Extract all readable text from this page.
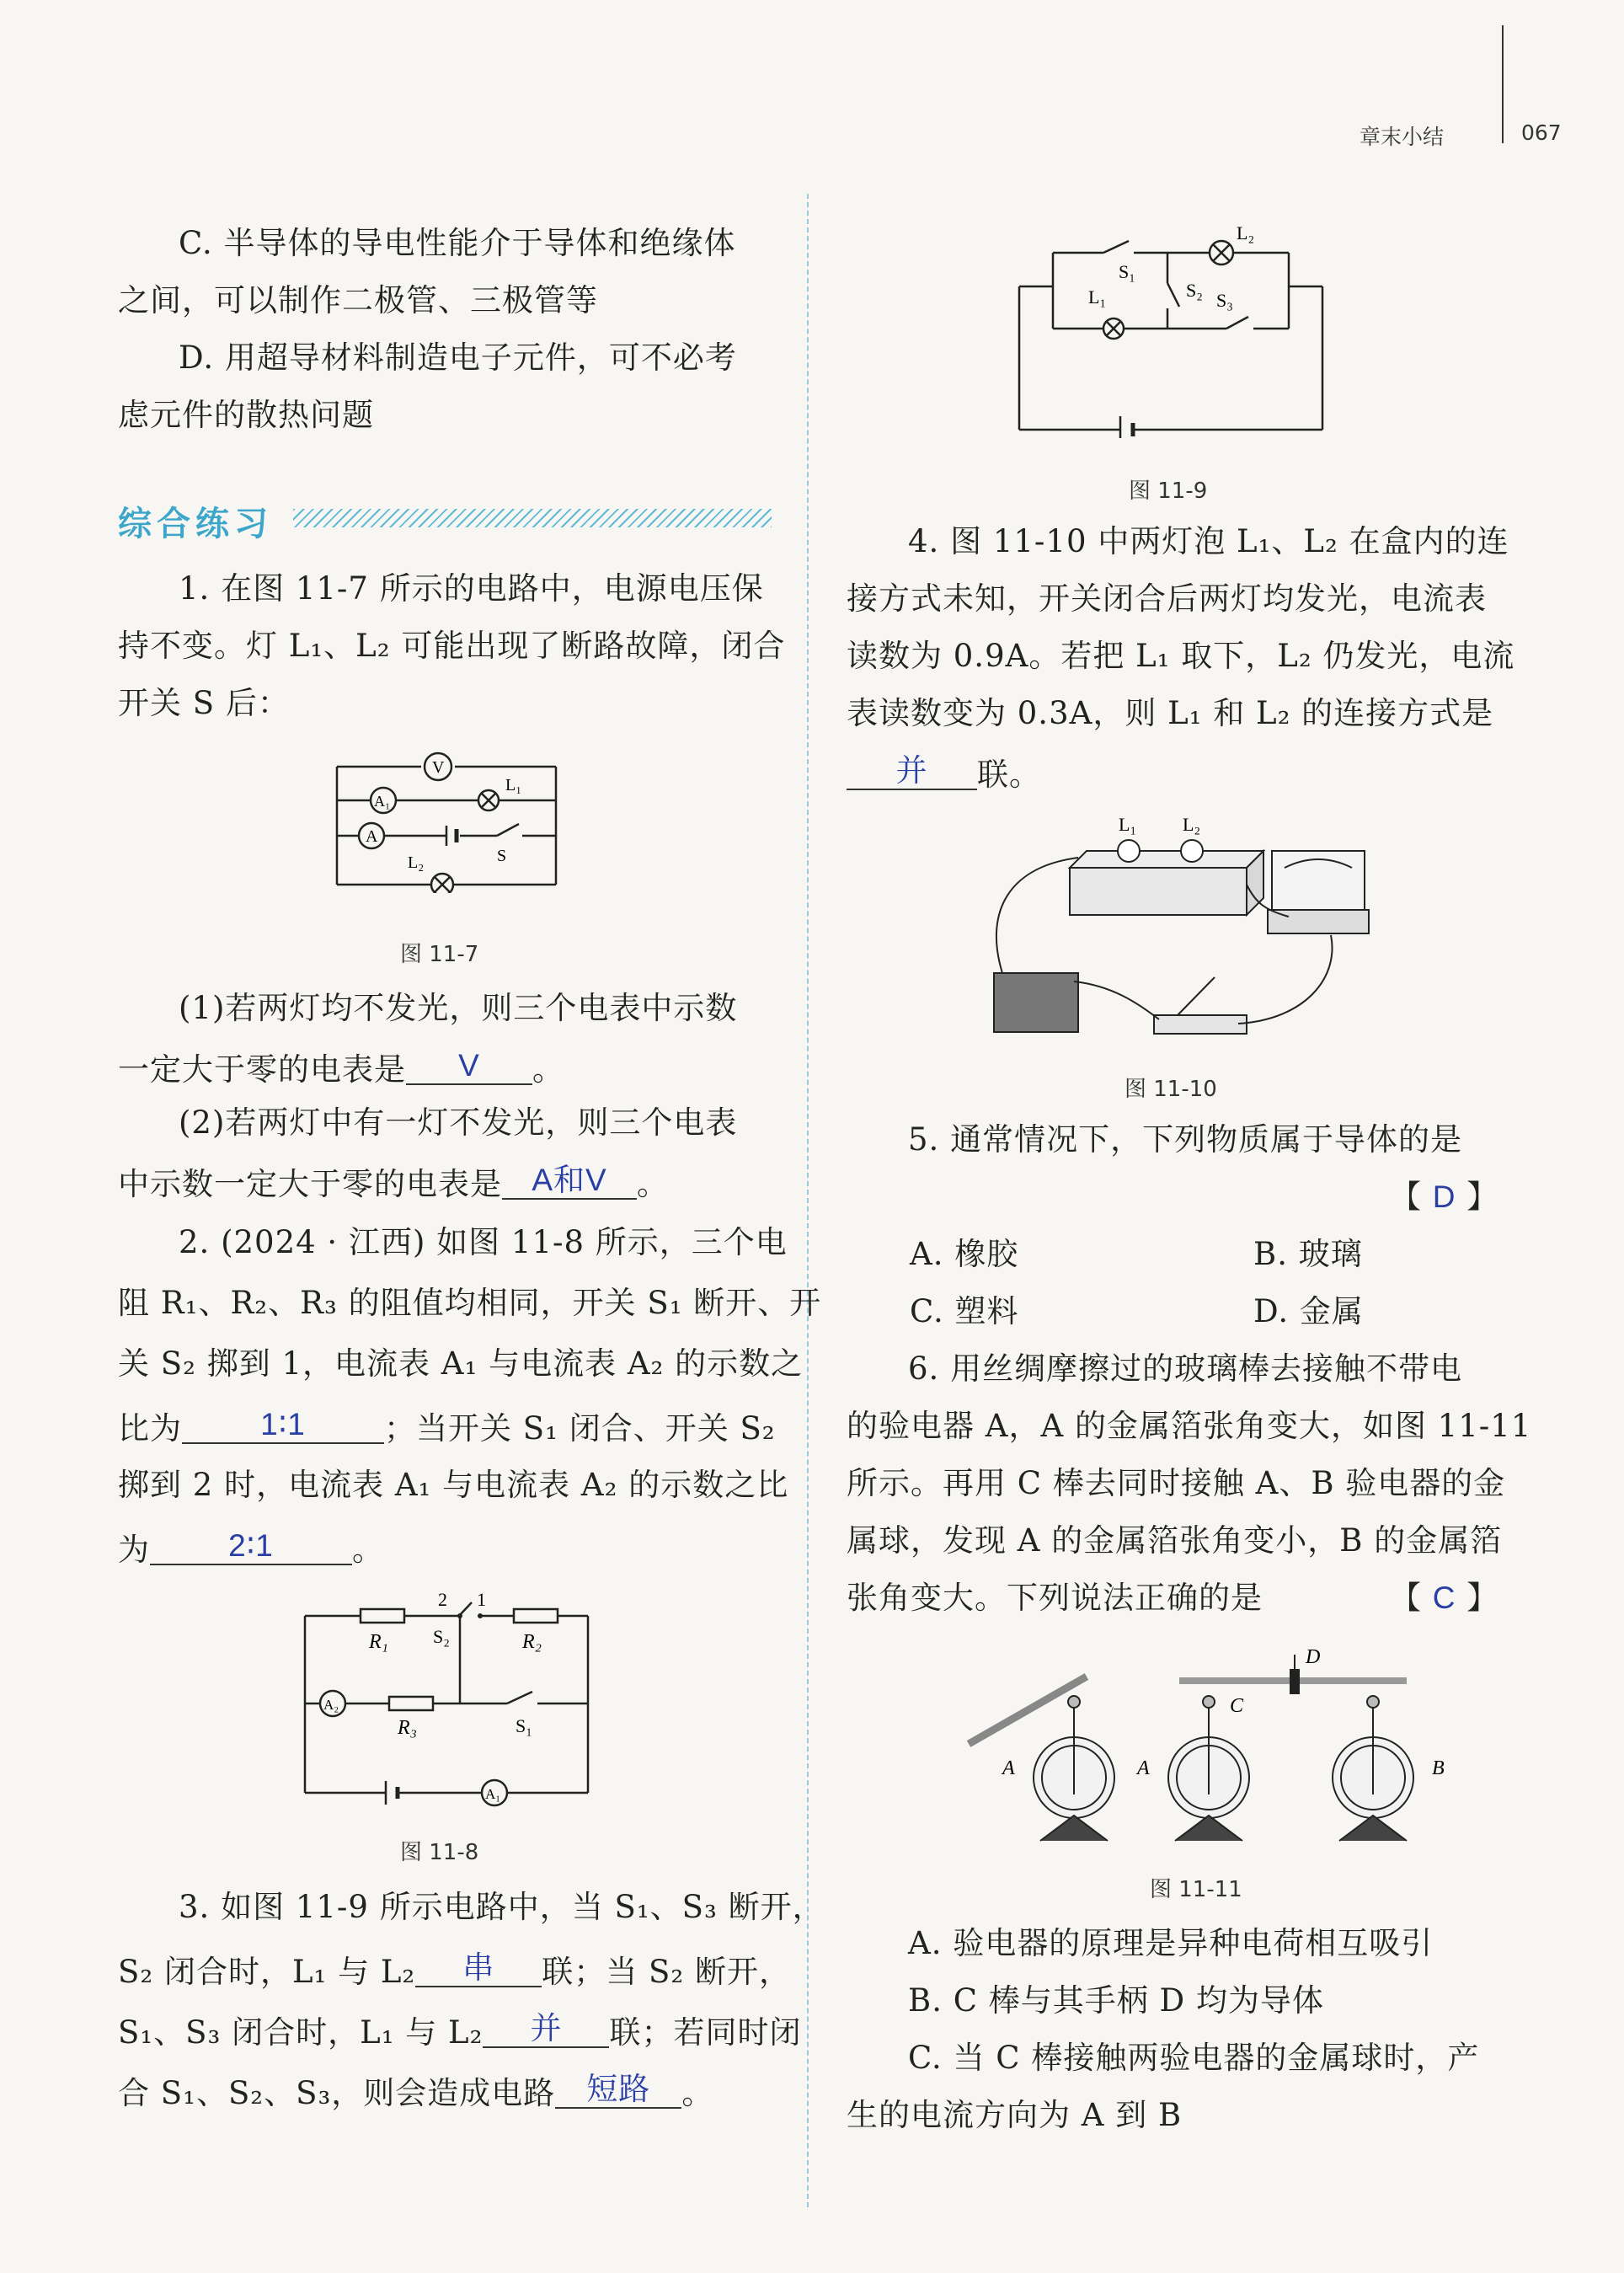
章末小结	067
C. 半导体的导电性能介于导体和绝缘体
之间，可以制作二极管、三极管等
D. 用超导材料制造电子元件，可不必考
虑元件的散热问题
综合练习
1. 在图 11-7 所示的电路中，电源电压保
持不变。灯 L₁、L₂ 可能出现了断路故障，闭合
开关 S 后：
V
A₁
A
L₁
L₂	S
图 11-7
(1)若两灯均不发光，则三个电表中示数
一定大于零的电表是 V 。
(2)若两灯中有一灯不发光，则三个电表
中示数一定大于零的电表是 A和V 。
2. (2024 · 江西) 如图 11-8 所示，三个电
阻 R₁、R₂、R₃ 的阻值均相同，开关 S₁ 断开、开
关 S₂ 掷到 1，电流表 A₁ 与电流表 A₂ 的示数之
比为	1∶1	；当开关 S₁ 闭合、开关 S₂
掷到 2 时，电流表 A₁ 与电流表 A₂ 的示数之比
为	2∶1	。
R₁	R₂
R₃
S₂
S₁
2 1
A₂
A₁
图 11-8
3. 如图 11-9 所示电路中，当 S₁、S₃ 断开，
S₂ 闭合时，L₁ 与 L₂ 串 联；当 S₂ 断开，
S₁、S₃ 闭合时，L₁ 与 L₂ 并 联；若同时闭
合 S₁、S₂、S₃，则会造成电路 短路 。
S₁
L₂
L₁	S₂ S₃
图 11-9
4. 图 11-10 中两灯泡 L₁、L₂ 在盒内的连
接方式未知，开关闭合后两灯均发光，电流表
读数为 0.9A。若把 L₁ 取下，L₂ 仍发光，电流
表读数变为 0.3A，则 L₁ 和 L₂ 的连接方式是
并 联。
L₁ L₂
图 11-10
5. 通常情况下，下列物质属于导体的是
【 D 】
A. 橡胶	B. 玻璃
C. 塑料	D. 金属
6. 用丝绸摩擦过的玻璃棒去接触不带电
的验电器 A，A 的金属箔张角变大，如图 11-11
所示。再用 C 棒去同时接触 A、B 验电器的金
属球，发现 A 的金属箔张角变小，B 的金属箔
张角变大。下列说法正确的是	【 C 】
A	A	B
C
D
图 11-11
A. 验电器的原理是异种电荷相互吸引
B. C 棒与其手柄 D 均为导体
C. 当 C 棒接触两验电器的金属球时，产
生的电流方向为 A 到 B
